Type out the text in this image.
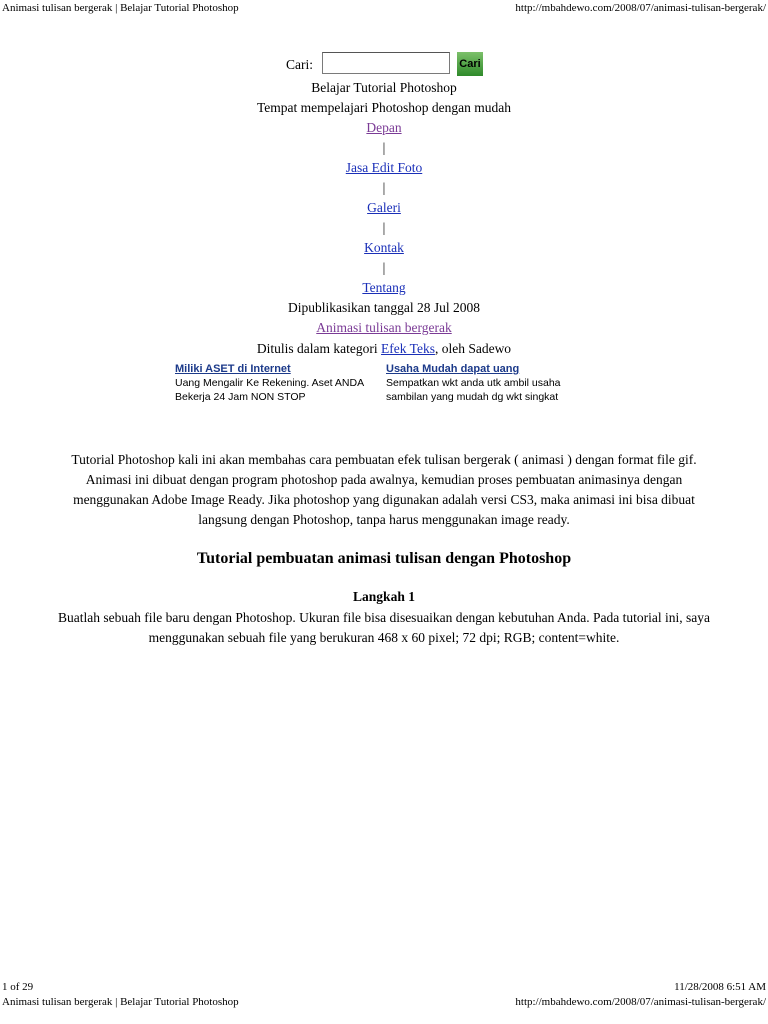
Animasi tulisan bergerak | Belajar Tutorial Photoshop	http://mbahdewo.com/2008/07/animasi-tulisan-bergerak/
Cari:	Cari
Belajar Tutorial Photoshop
Tempat mempelajari Photoshop dengan mudah
Depan
|
Jasa Edit Foto
|
Galeri
|
Kontak
|
Tentang
Dipublikasikan tanggal 28 Jul 2008
Animasi tulisan bergerak
Ditulis dalam kategori Efek Teks, oleh Sadewo
Miliki ASET di Internet
Uang Mengalir Ke Rekening. Aset ANDA Bekerja 24 Jam NON STOP
Usaha Mudah dapat uang
Sempatkan wkt anda utk ambil usaha sambilan yang mudah dg wkt singkat
Tutorial Photoshop kali ini akan membahas cara pembuatan efek tulisan bergerak ( animasi ) dengan format file gif. Animasi ini dibuat dengan program photoshop pada awalnya, kemudian proses pembuatan animasinya dengan menggunakan Adobe Image Ready. Jika photoshop yang digunakan adalah versi CS3, maka animasi ini bisa dibuat langsung dengan Photoshop, tanpa harus menggunakan image ready.
Tutorial pembuatan animasi tulisan dengan Photoshop
Langkah 1
Buatlah sebuah file baru dengan Photoshop. Ukuran file bisa disesuaikan dengan kebutuhan Anda. Pada tutorial ini, saya menggunakan sebuah file yang berukuran 468 x 60 pixel; 72 dpi; RGB; content=white.
1 of 29	11/28/2008 6:51 AM
Animasi tulisan bergerak | Belajar Tutorial Photoshop	http://mbahdewo.com/2008/07/animasi-tulisan-bergerak/
